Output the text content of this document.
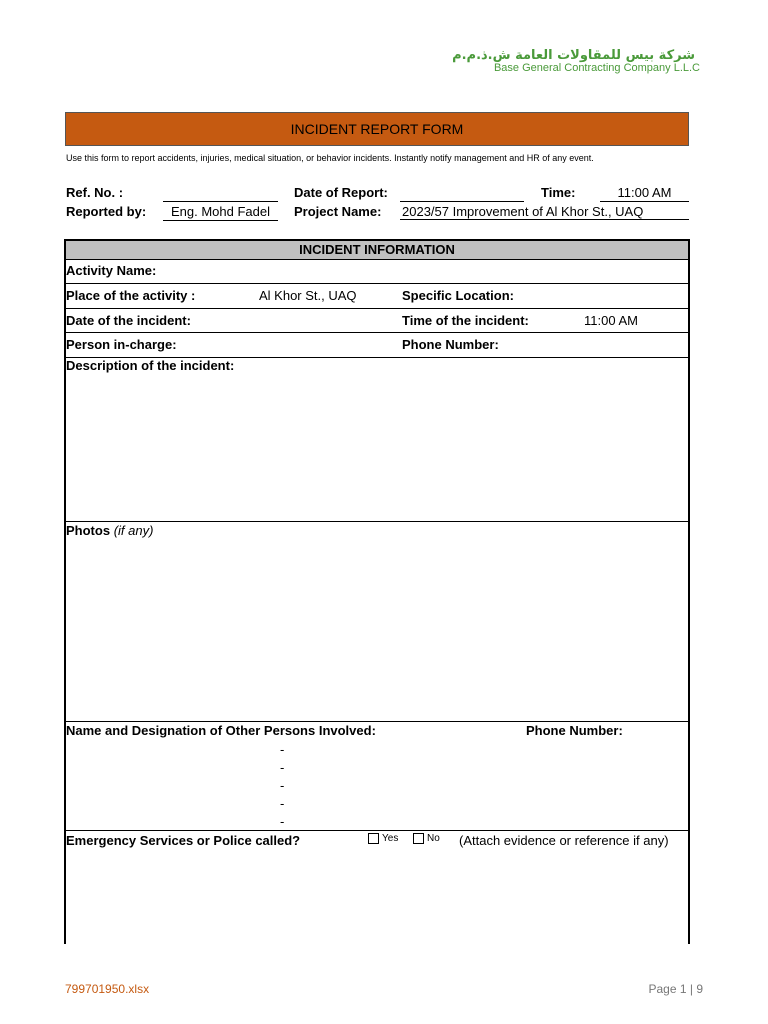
شركة بيس للمقاولات العامة ش.ذ.م.م
Base General Contracting Company L.L.C
INCIDENT REPORT FORM
Use this form to report accidents, injuries, medical situation, or behavior incidents. Instantly notify management and HR of any event.
Ref. No. :	Date of Report:	Time:	11:00 AM
Reported by:	Eng. Mohd Fadel	Project Name: 2023/57 Improvement of Al Khor St., UAQ
INCIDENT INFORMATION
Activity Name:
Place of the activity :	Al Khor St., UAQ	Specific Location:
Date of the incident:	Time of the incident:	11:00 AM
Person in-charge:	Phone Number:
Description of the incident:
Photos (if any)
Name and Designation of Other Persons Involved:	Phone Number:
-
-
-
-
-
Emergency Services or Police called?	Yes	No (Attach evidence or reference if any)
799701950.xlsx	Page 1 | 9
